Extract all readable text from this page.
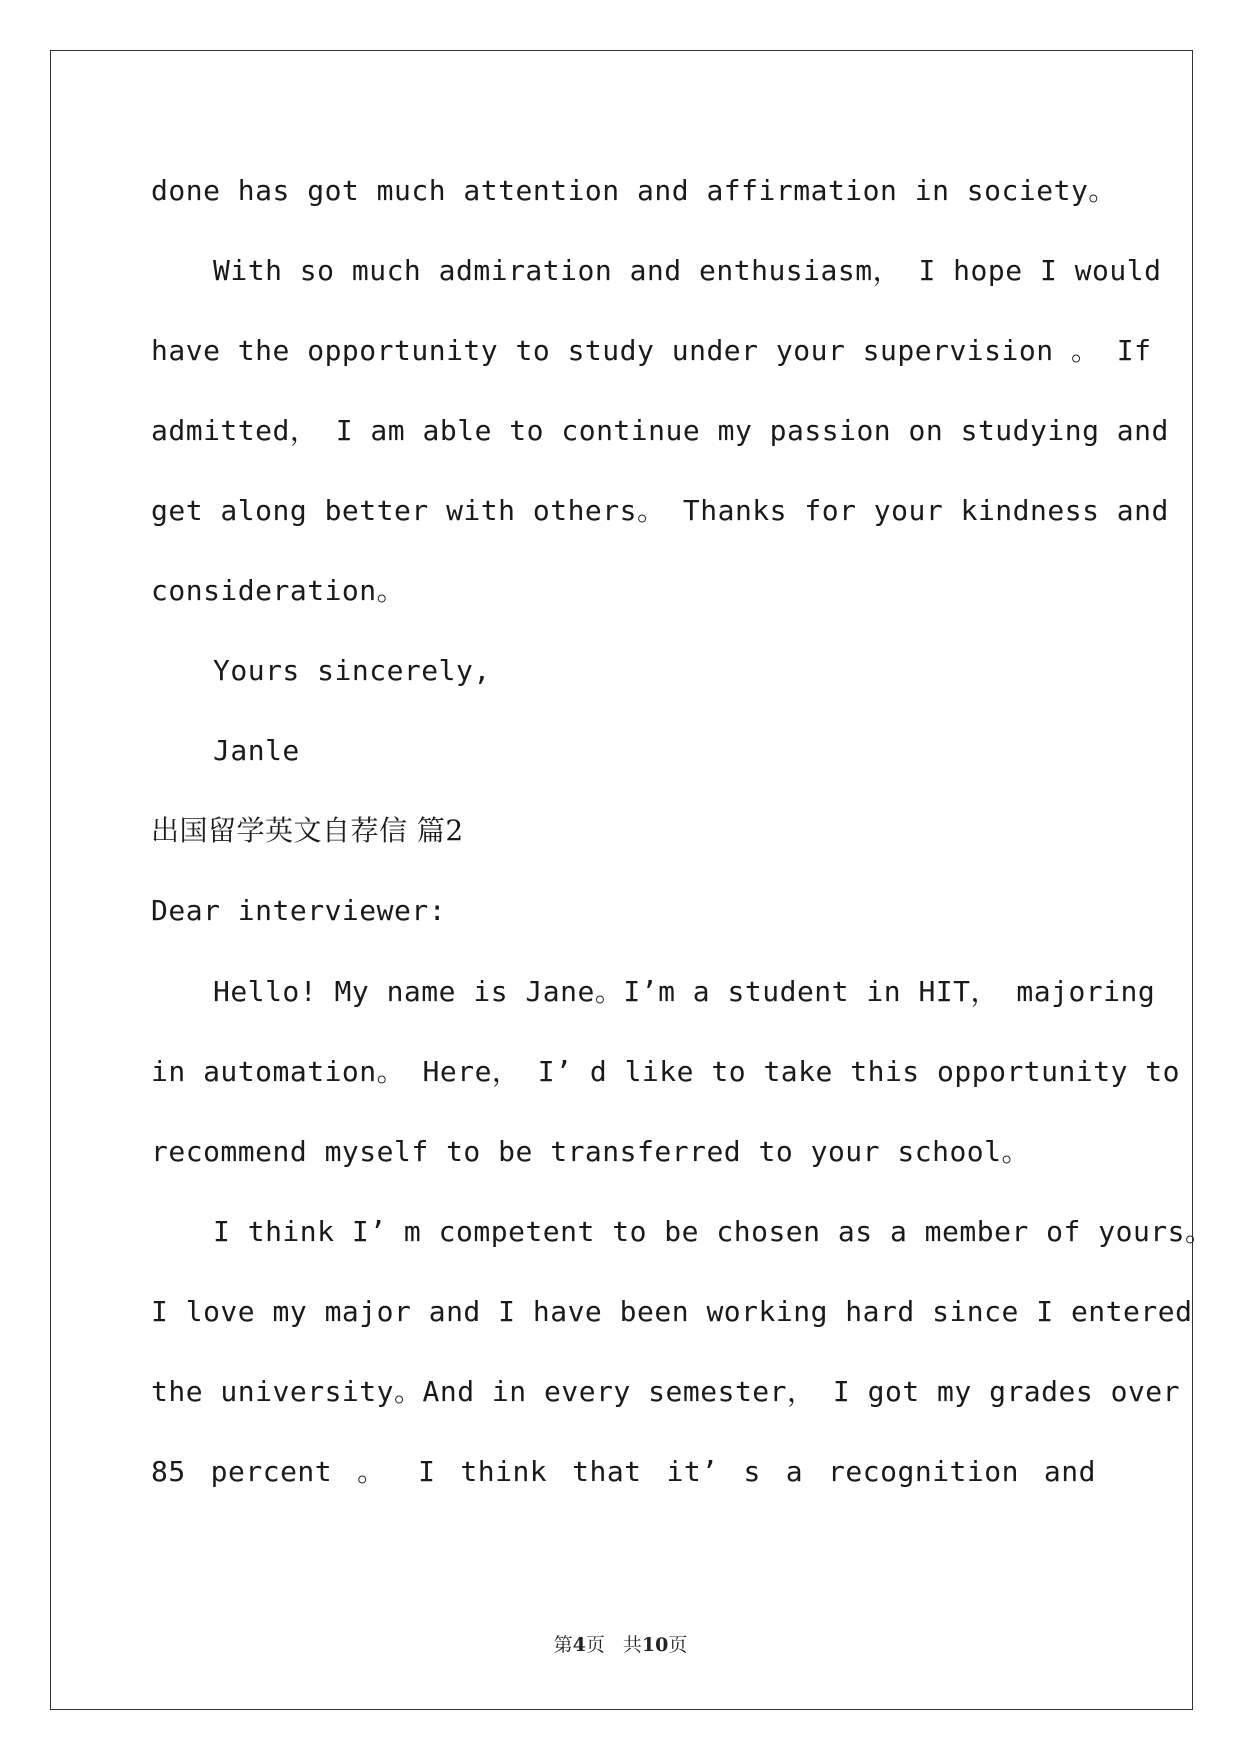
done has got much attention and affirmation in society。
With so much admiration and enthusiasm， I hope I would
have the opportunity to study under your supervision 。 If
admitted， I am able to continue my passion on studying and
get along better with others。 Thanks for your kindness and
consideration。
Yours sincerely,
Janle
出国留学英文自荐信 篇2
Dear interviewer:
Hello! My name is Jane。I’m a student in HIT， majoring
in automation。 Here， I’ d like to take this opportunity to
recommend myself to be transferred to your school。
I think I’ m competent to be chosen as a member of yours。
I love my major and I have been working hard since I entered
the university。And in every semester， I got my grades over
85 percent 。 I think that it’ s a recognition and
第4页 共10页
